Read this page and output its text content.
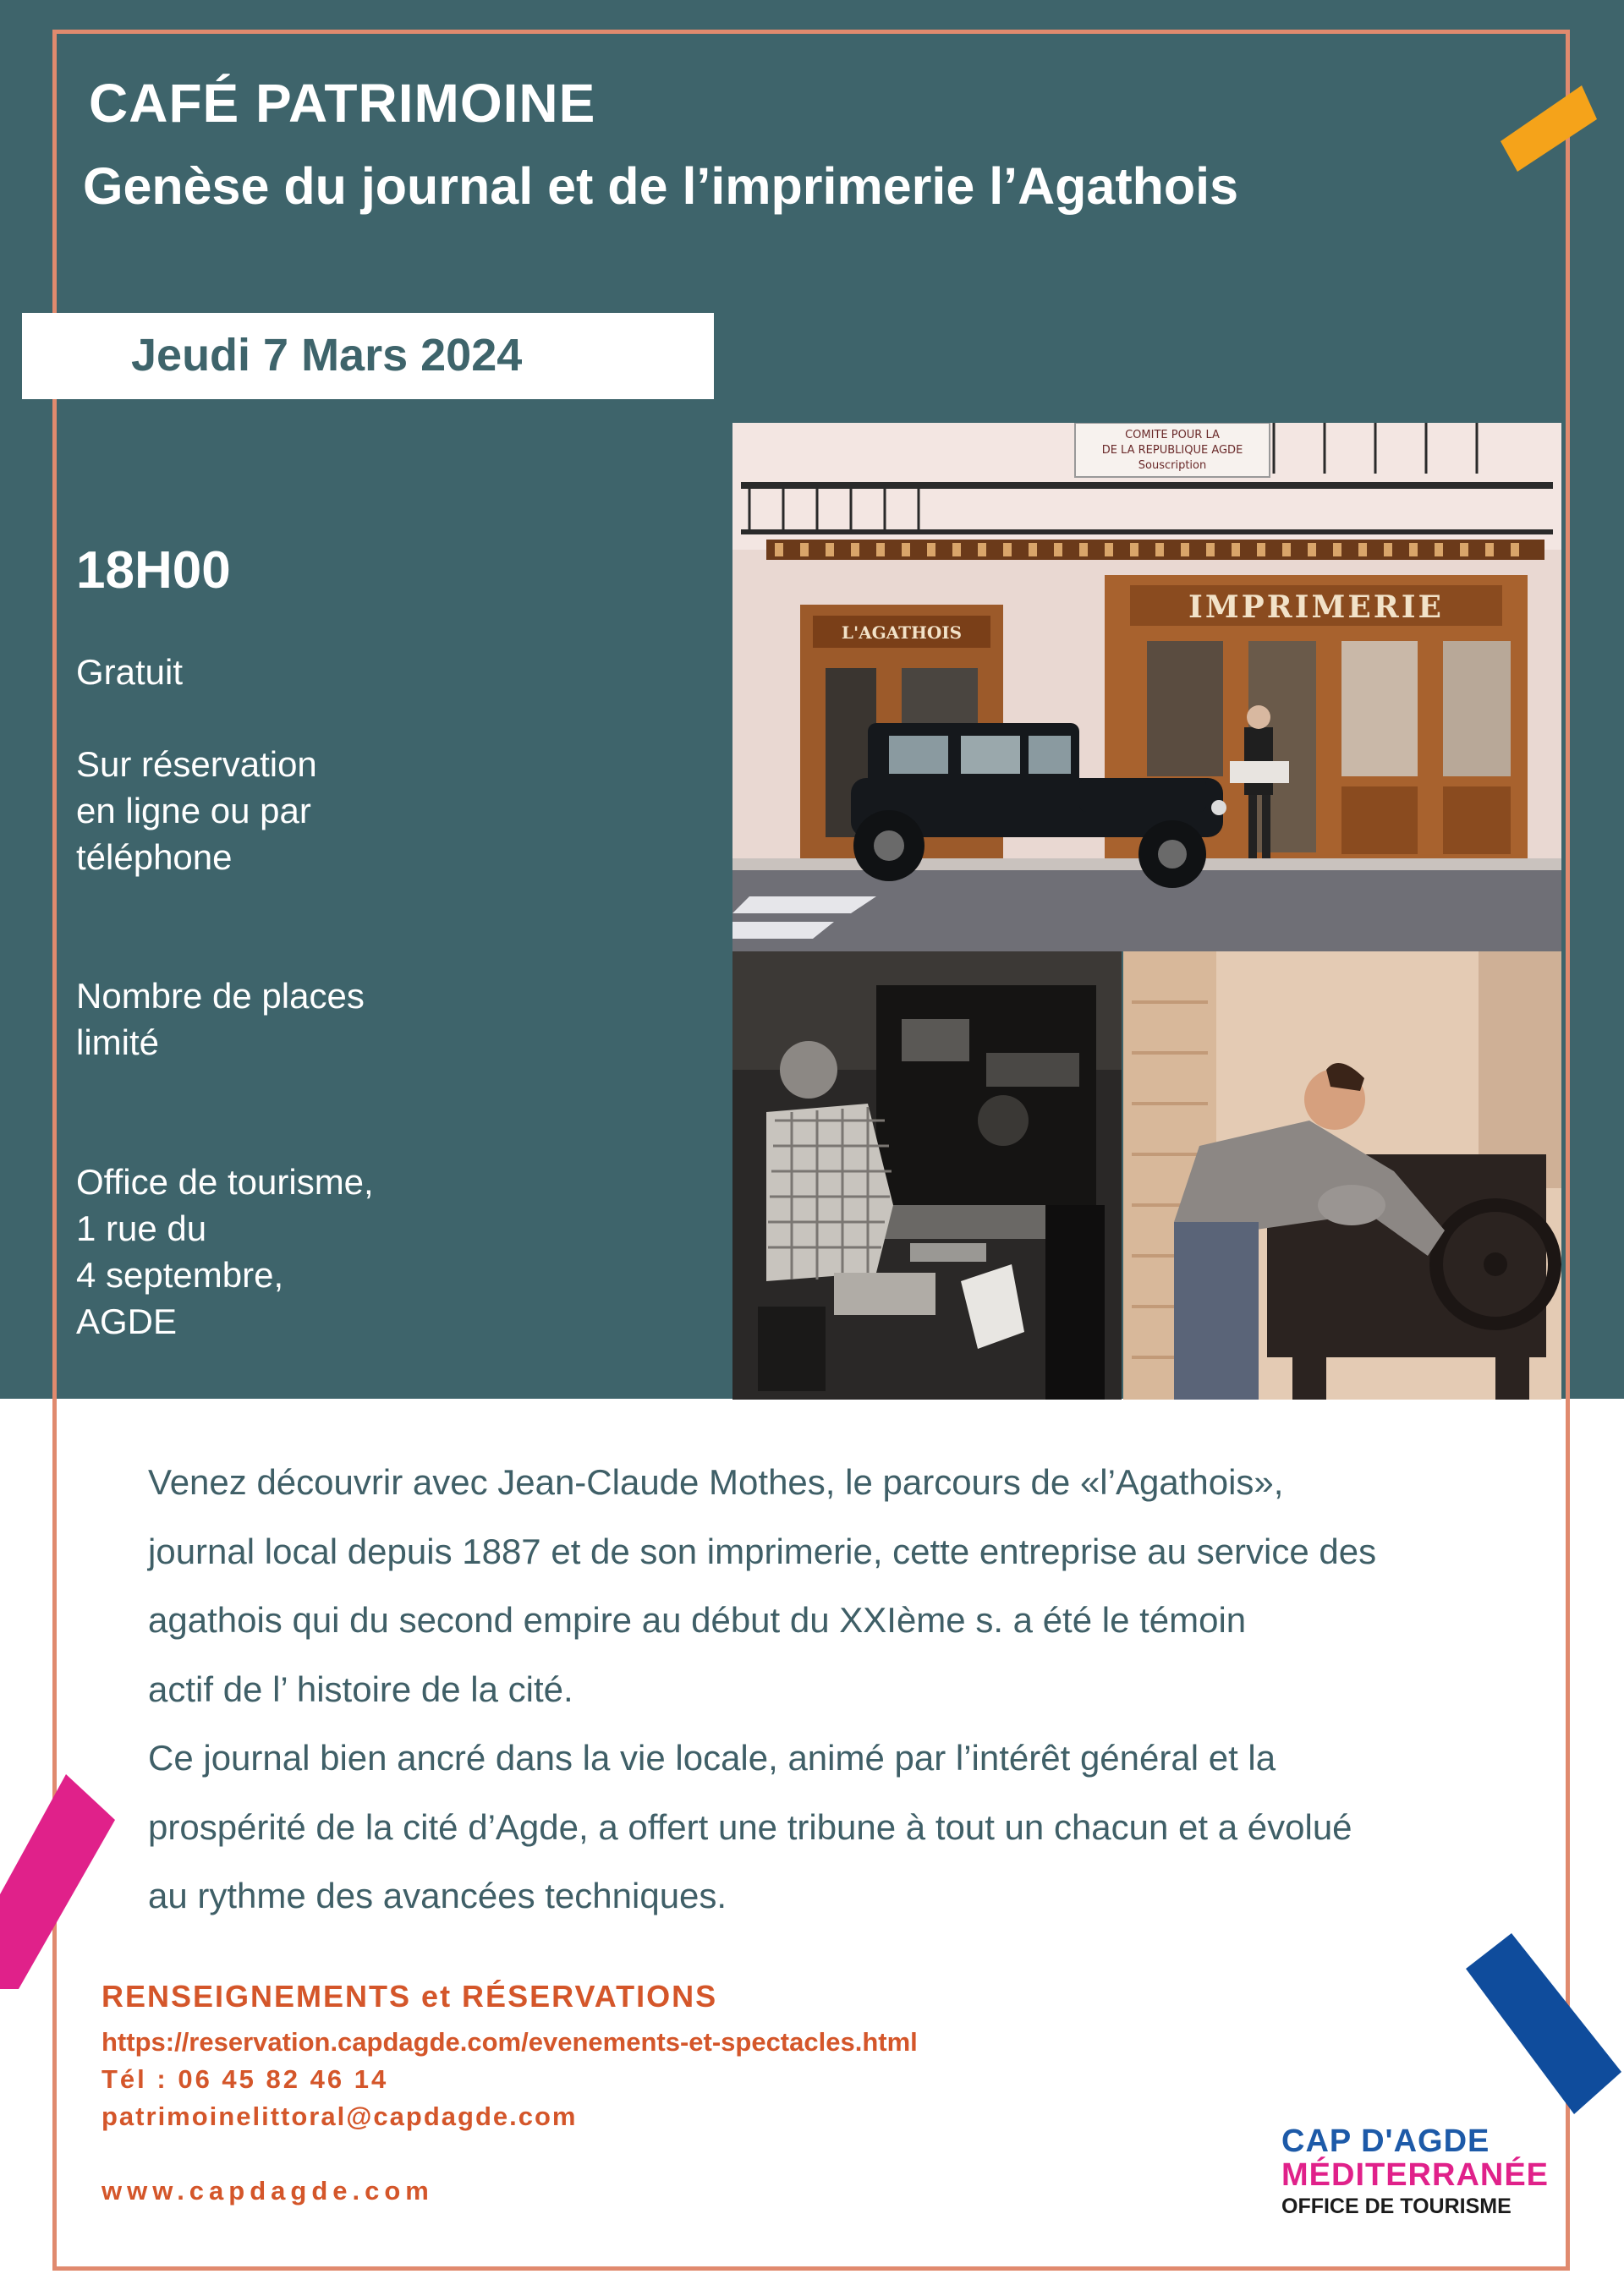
CAFÉ PATRIMOINE
Genèse du journal et de l’imprimerie l’Agathois
Jeudi 7 Mars 2024
18H00
Gratuit
Sur réservation
en ligne ou par
téléphone
Nombre de places
limité
Office de tourisme,
1 rue du
4 septembre,
AGDE
COMITE POUR LA
DE LA REPUBLIQUE AGDE
Souscription
L'AGATHOIS
IMPRIMERIE
Venez découvrir avec Jean-Claude Mothes, le parcours de «l’Agathois»,
journal local depuis 1887 et de son imprimerie, cette entreprise au service des
agathois qui du second empire au début du XXIème s. a été le témoin
actif de l’ histoire de la cité.
Ce journal bien ancré dans la vie locale, animé par l’intérêt général et la
prospérité de la cité d’Agde, a offert une tribune à tout un chacun et a évolué
au rythme des avancées techniques.
RENSEIGNEMENTS et RÉSERVATIONS
https://reservation.capdagde.com/evenements-et-spectacles.html
Tél : 06 45 82 46 14
patrimoinelittoral@capdagde.com
www.capdagde.com
CAP D'AGDE
MÉDITERRANÉE
OFFICE DE TOURISME
